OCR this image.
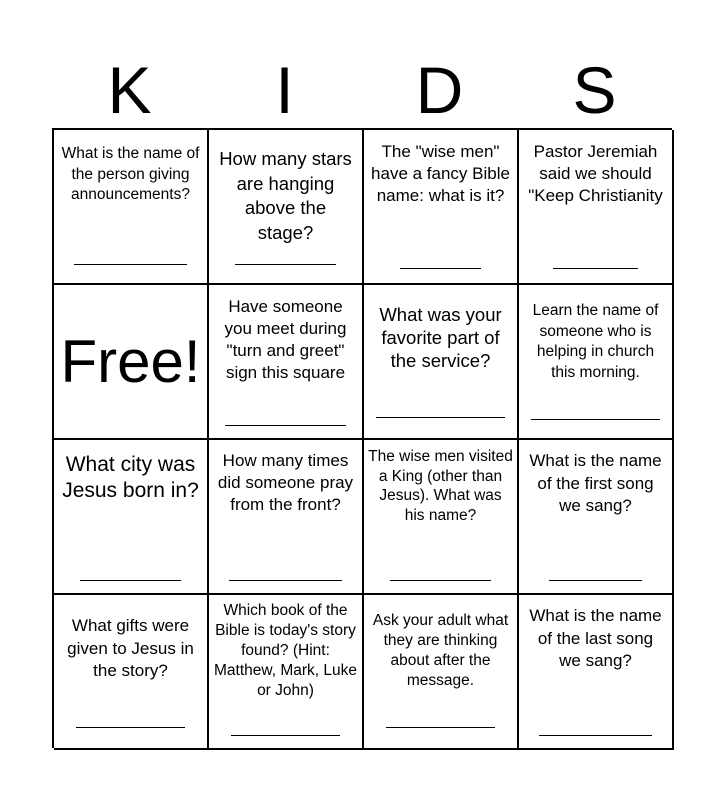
K	I	D	S
What is the name of the person giving announcements?
How many stars are hanging above the stage?
The "wise men" have a fancy Bible name: what is it?
Pastor Jeremiah said we should "Keep Christianity
Free!
Have someone you meet during "turn and greet" sign this square
What was your favorite part of the service?
Learn the name of someone who is helping in church this morning.
What city was Jesus born in?
How many times did someone pray from the front?
The wise men visited a King (other than Jesus). What was his name?
What is the name of the first song we sang?
What gifts were given to Jesus in the story?
Which book of the Bible is today's story found? (Hint: Matthew, Mark, Luke or John)
Ask your adult what they are thinking about after the message.
What is the name of the last song we sang?
